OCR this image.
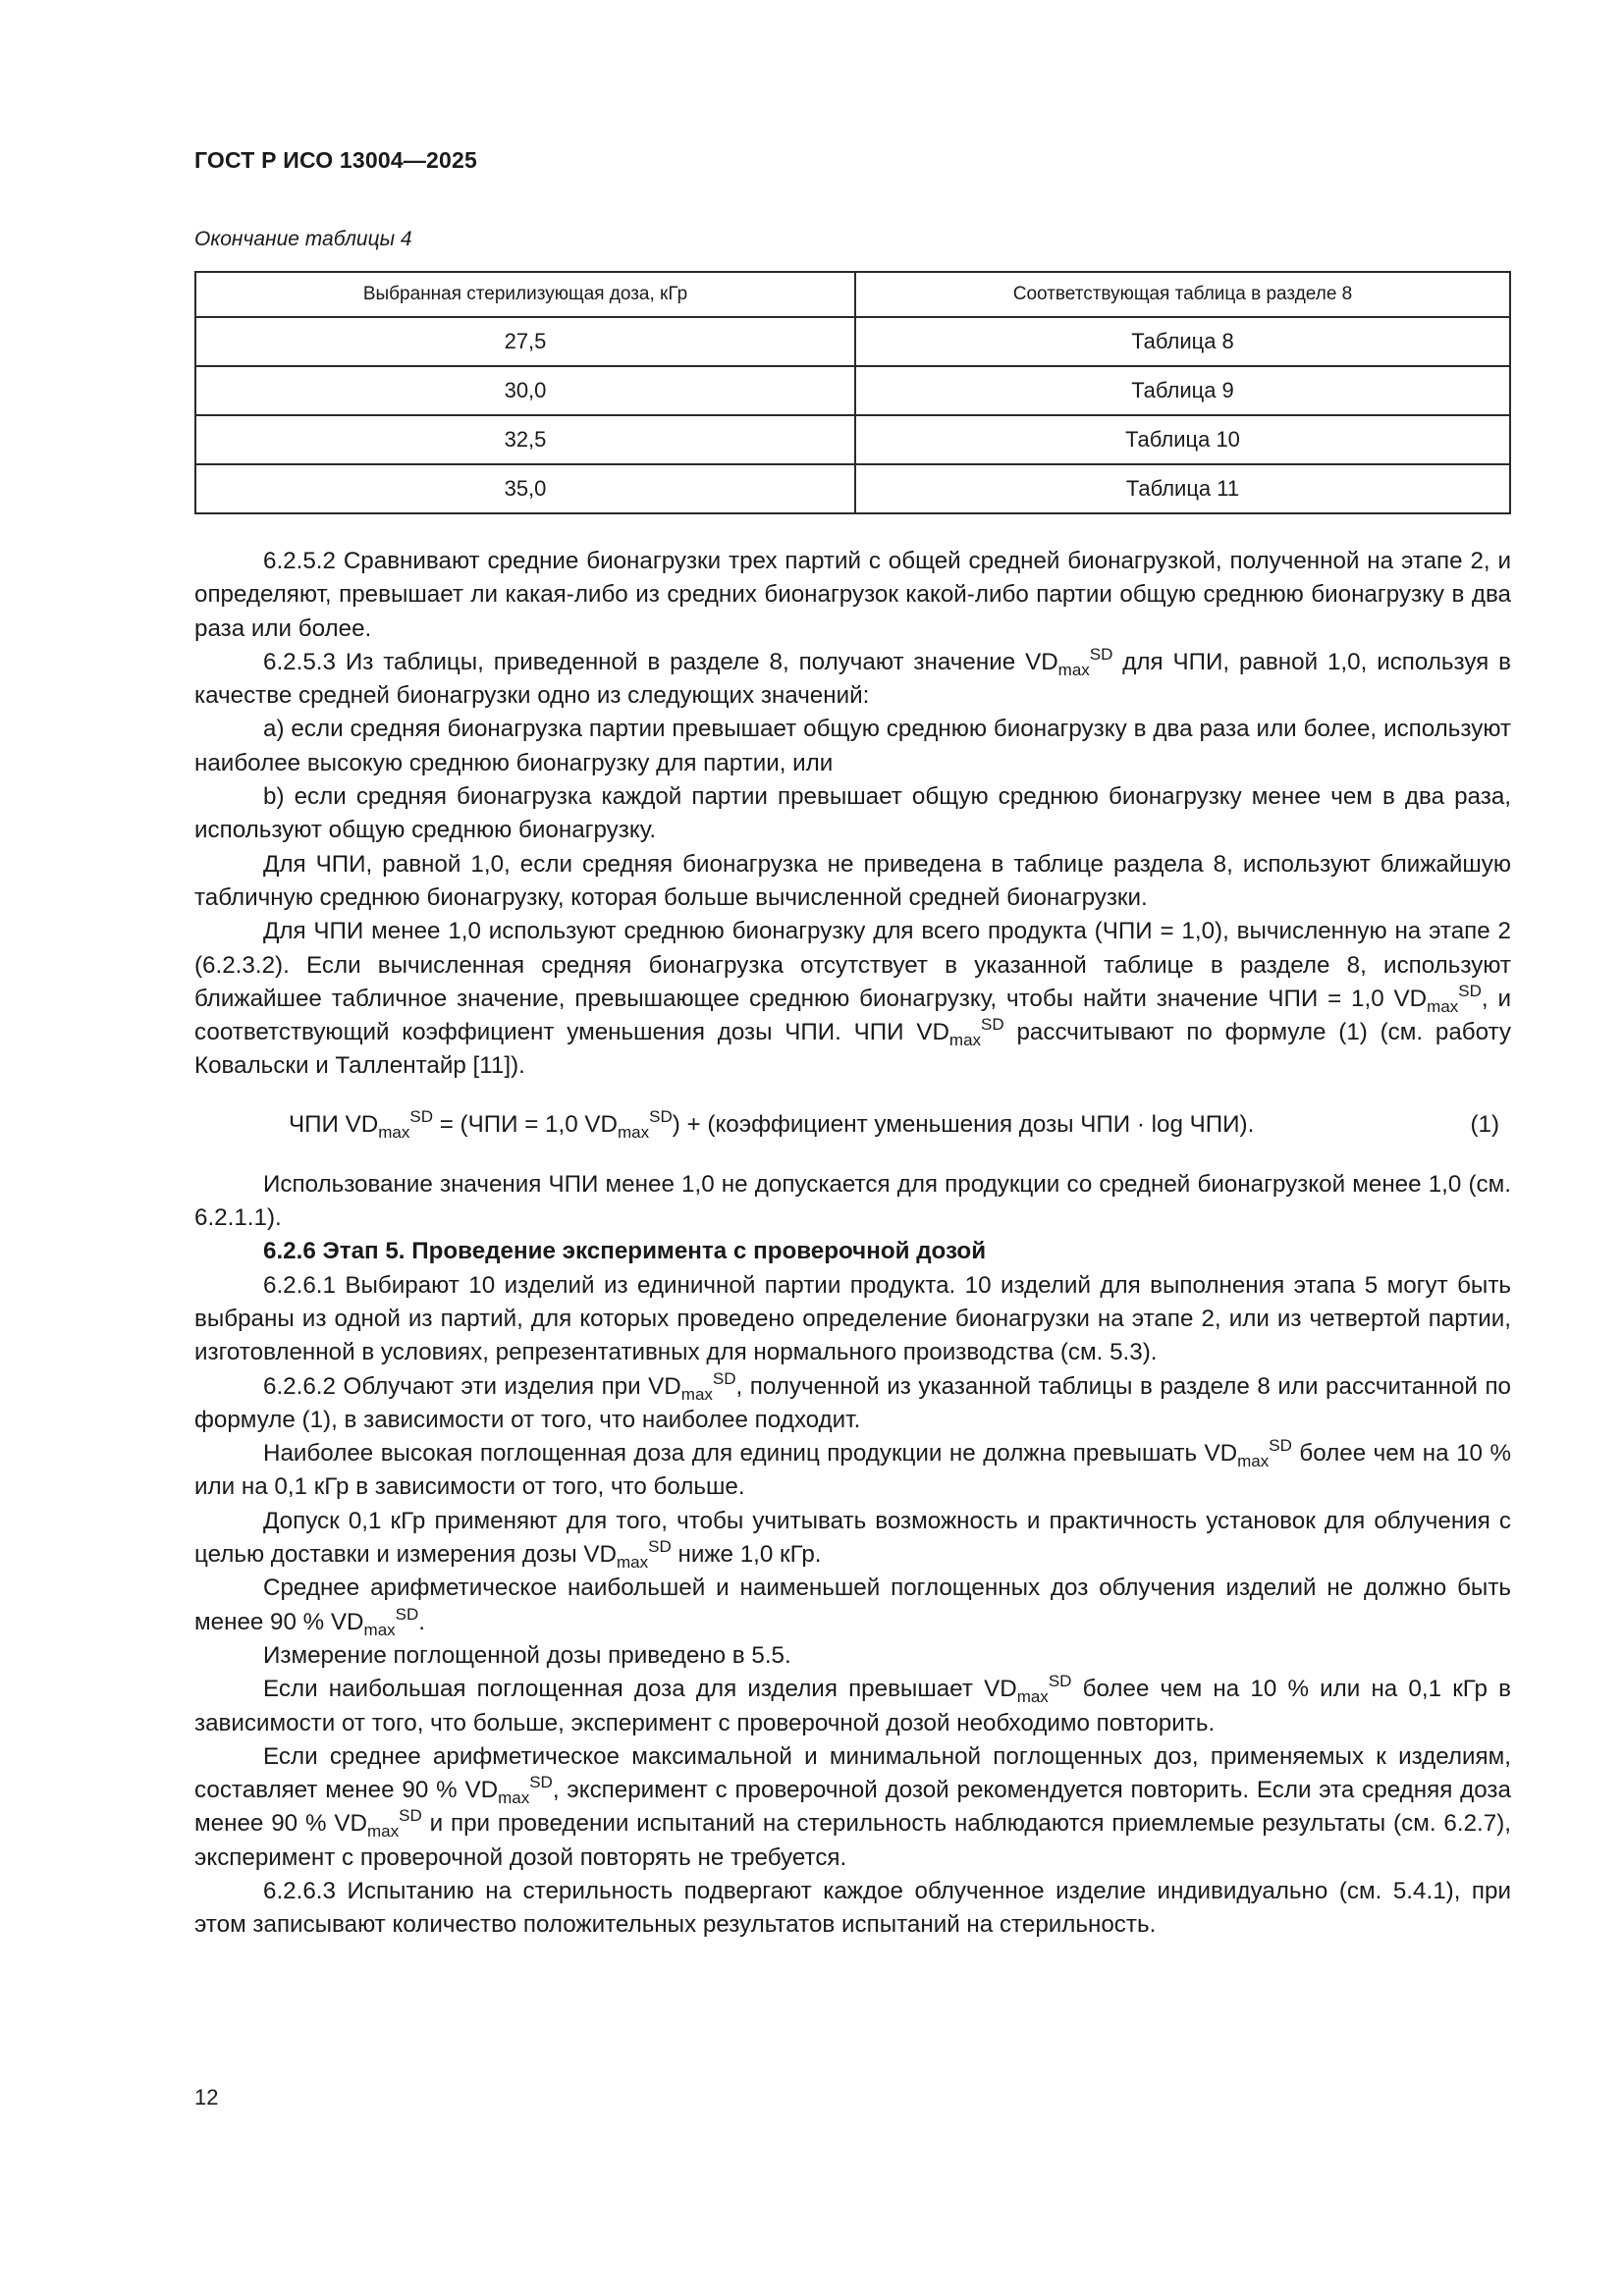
ГОСТ Р ИСО 13004—2025
Окончание таблицы 4
Выбранная стерилизующая доза, кГр	Соответствующая таблица в разделе 8
27,5	Таблица 8
30,0	Таблица 9
32,5	Таблица 10
35,0	Таблица 11

6.2.5.2 Сравнивают средние бионагрузки трех партий с общей средней бионагрузкой, полученной на этапе 2, и определяют, превышает ли какая-либо из средних бионагрузок какой-либо партии общую среднюю бионагрузку в два раза или более.

6.2.5.3 Из таблицы, приведенной в разделе 8, получают значение $VD_{max}^{SD}$ для ЧПИ, равной 1,0, используя в качестве средней бионагрузки одно из следующих значений:

a) если средняя бионагрузка партии превышает общую среднюю бионагрузку в два раза или более, используют наиболее высокую среднюю бионагрузку для партии, или

b) если средняя бионагрузка каждой партии превышает общую среднюю бионагрузку менее чем в два раза, используют общую среднюю бионагрузку.

Для ЧПИ, равной 1,0, если средняя бионагрузка не приведена в таблице раздела 8, используют ближайшую табличную среднюю бионагрузку, которая больше вычисленной средней бионагрузки.

Для ЧПИ менее 1,0 используют среднюю бионагрузку для всего продукта (ЧПИ = 1,0), вычисленную на этапе 2 (6.2.3.2). Если вычисленная средняя бионагрузка отсутствует в указанной таблице в разделе 8, используют ближайшее табличное значение, превышающее среднюю бионагрузку, чтобы найти значение ЧПИ = 1,0 $VD_{max}^{SD}$, и соответствующий коэффициент уменьшения дозы ЧПИ. ЧПИ $VD_{max}^{SD}$ рассчитывают по формуле (1) (см. работу Ковальски и Таллентайр [11]).

ЧПИ $VD_{max}^{SD} = (ЧПИ = 1,0$ $VD_{max}^{SD}$) + (коэффициент уменьшения дозы ЧПИ · log ЧПИ).	(1)

Использование значения ЧПИ менее 1,0 не допускается для продукции со средней бионагрузкой менее 1,0 (см. 6.2.1.1).

6.2.6 Этап 5. Проведение эксперимента с проверочной дозой

6.2.6.1 Выбирают 10 изделий из единичной партии продукта. 10 изделий для выполнения этапа 5 могут быть выбраны из одной из партий, для которых проведено определение бионагрузки на этапе 2, или из четвертой партии, изготовленной в условиях, репрезентативных для нормального производства (см. 5.3).

6.2.6.2 Облучают эти изделия при $VD_{max}^{SD}$, полученной из указанной таблицы в разделе 8 или рассчитанной по формуле (1), в зависимости от того, что наиболее подходит.

Наиболее высокая поглощенная доза для единиц продукции не должна превышать $VD_{max}^{SD}$ более чем на 10 % или на 0,1 кГр в зависимости от того, что больше.

Допуск 0,1 кГр применяют для того, чтобы учитывать возможность и практичность установок для облучения с целью доставки и измерения дозы $VD_{max}^{SD}$ ниже 1,0 кГр.

Среднее арифметическое наибольшей и наименьшей поглощенных доз облучения изделий не должно быть менее 90 % $VD_{max}^{SD}$.

Измерение поглощенной дозы приведено в 5.5.

Если наибольшая поглощенная доза для изделия превышает $VD_{max}^{SD}$ более чем на 10 % или на 0,1 кГр в зависимости от того, что больше, эксперимент с проверочной дозой необходимо повторить.

Если среднее арифметическое максимальной и минимальной поглощенных доз, применяемых к изделиям, составляет менее 90 % $VD_{max}^{SD}$, эксперимент с проверочной дозой рекомендуется повторить. Если эта средняя доза менее 90 % $VD_{max}^{SD}$ и при проведении испытаний на стерильность наблюдаются приемлемые результаты (см. 6.2.7), эксперимент с проверочной дозой повторять не требуется.

6.2.6.3 Испытанию на стерильность подвергают каждое облученное изделие индивидуально (см. 5.4.1), при этом записывают количество положительных результатов испытаний на стерильность.

12
